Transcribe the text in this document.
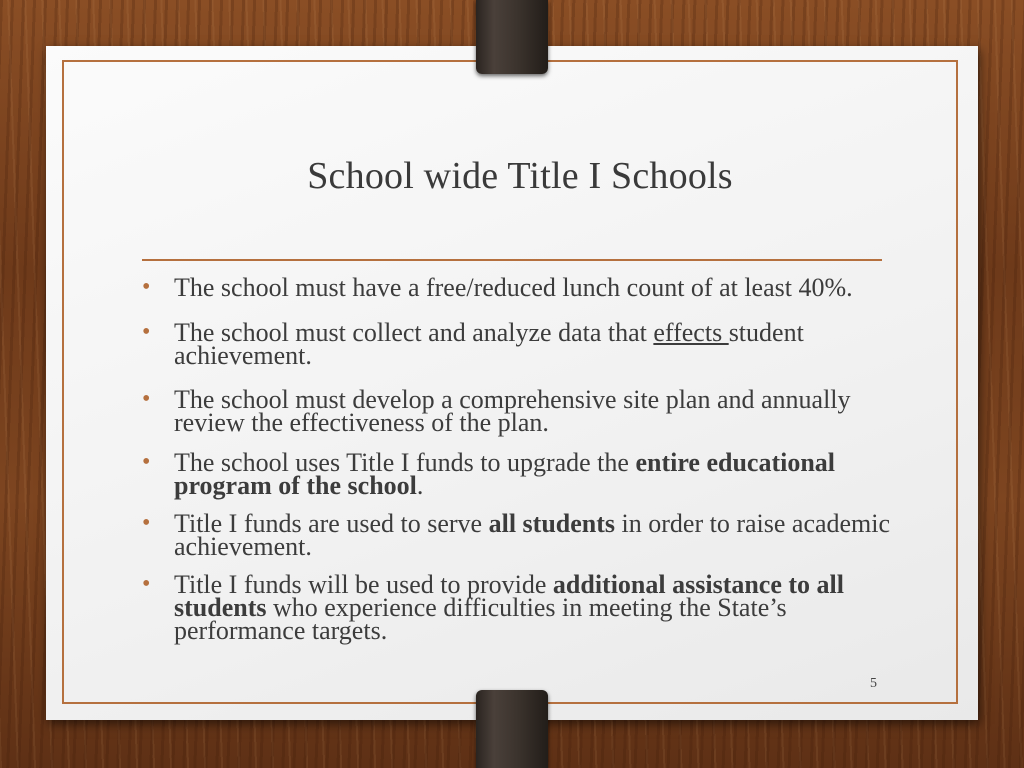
School wide Title I Schools
• The school must have a free/reduced lunch count of at least 40%.
• The school must collect and analyze data that effects student achievement.
• The school must develop a comprehensive site plan and annually review the effectiveness of the plan.
• The school uses Title I funds to upgrade the entire educational program of the school.
• Title I funds are used to serve all students in order to raise academic achievement.
• Title I funds will be used to provide additional assistance to all students who experience difficulties in meeting the State’s performance targets.
5
